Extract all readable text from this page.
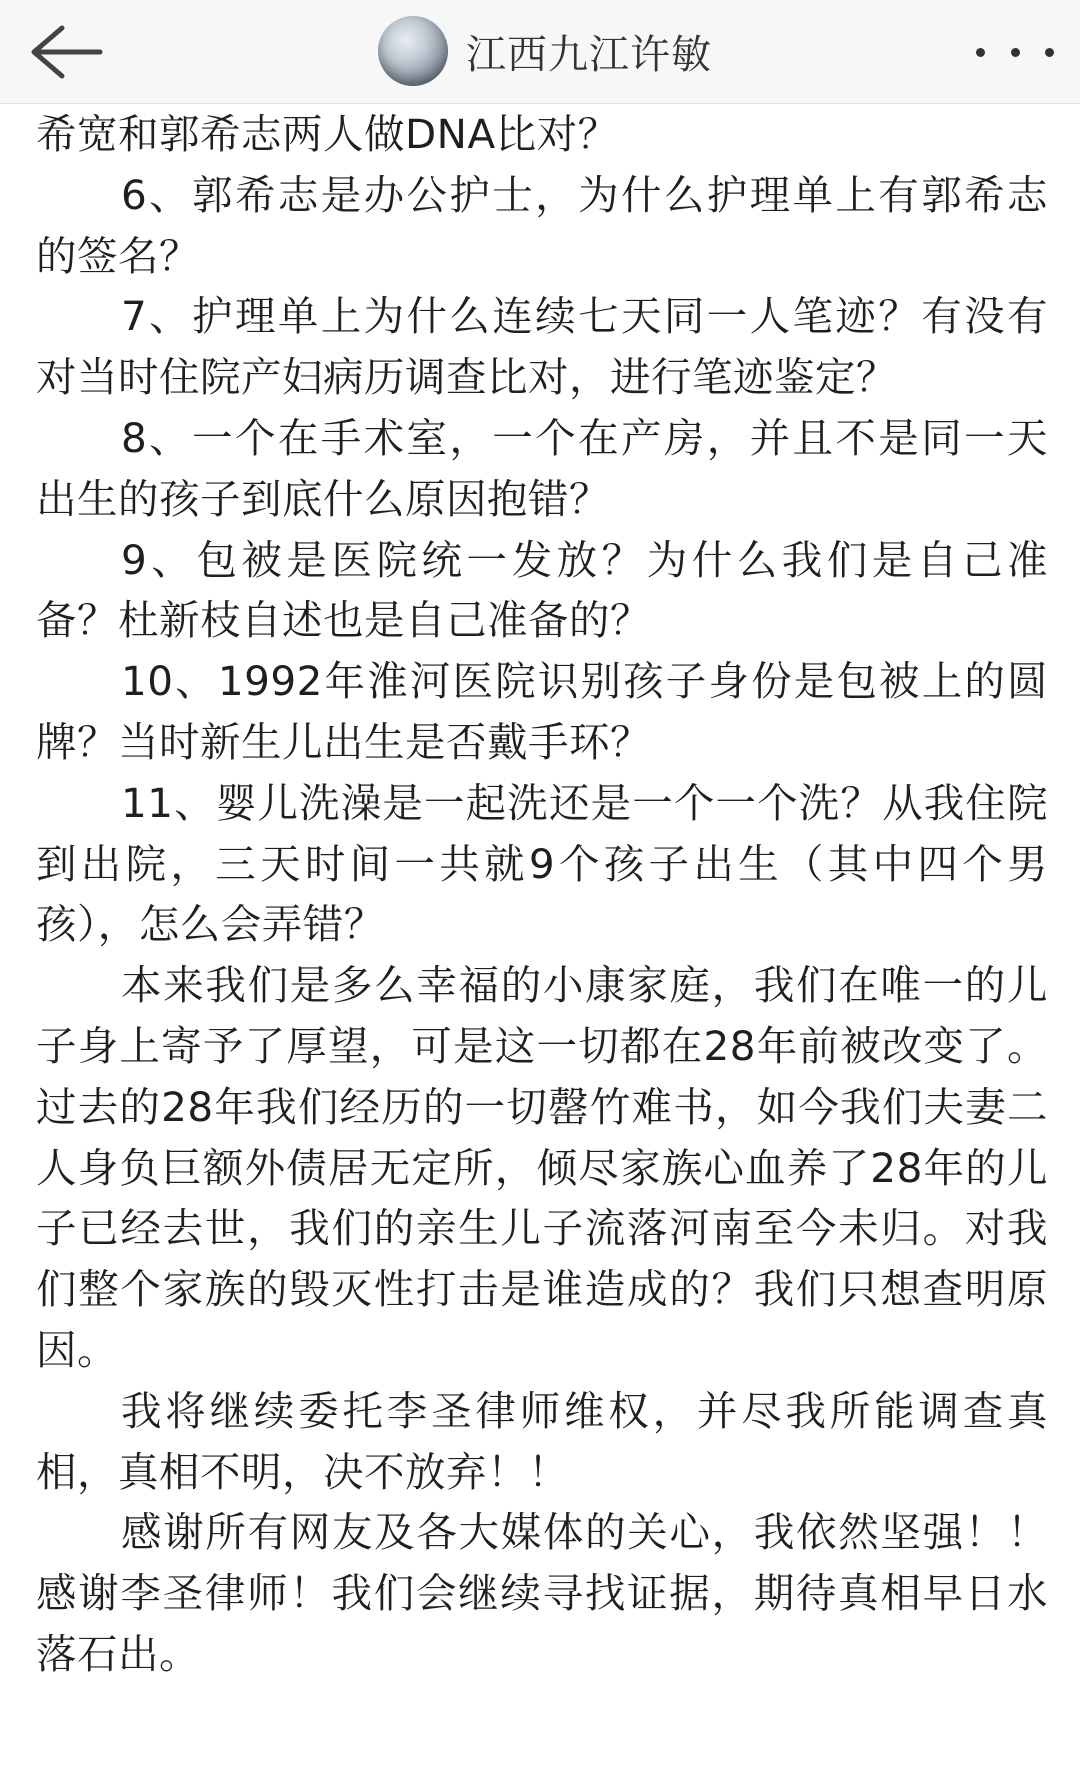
江西九江许敏

希宽和郭希志两人做DNA比对？

6、郭希志是办公护士，为什么护理单上有郭希志的签名？

7、护理单上为什么连续七天同一人笔迹？有没有对当时住院产妇病历调查比对，进行笔迹鉴定？

8、一个在手术室，一个在产房，并且不是同一天出生的孩子到底什么原因抱错？

9、包被是医院统一发放？为什么我们是自己准备？杜新枝自述也是自己准备的？

10、1992年淮河医院识别孩子身份是包被上的圆牌？当时新生儿出生是否戴手环？

11、婴儿洗澡是一起洗还是一个一个洗？从我住院到出院，三天时间一共就9个孩子出生（其中四个男孩），怎么会弄错？

本来我们是多么幸福的小康家庭，我们在唯一的儿子身上寄予了厚望，可是这一切都在28年前被改变了。过去的28年我们经历的一切罄竹难书，如今我们夫妻二人身负巨额外债居无定所，倾尽家族心血养了28年的儿子已经去世，我们的亲生儿子流落河南至今未归。对我们整个家族的毁灭性打击是谁造成的？我们只想查明原因。

我将继续委托李圣律师维权，并尽我所能调查真相，真相不明，决不放弃！！

感谢所有网友及各大媒体的关心，我依然坚强！！感谢李圣律师！我们会继续寻找证据，期待真相早日水落石出。
